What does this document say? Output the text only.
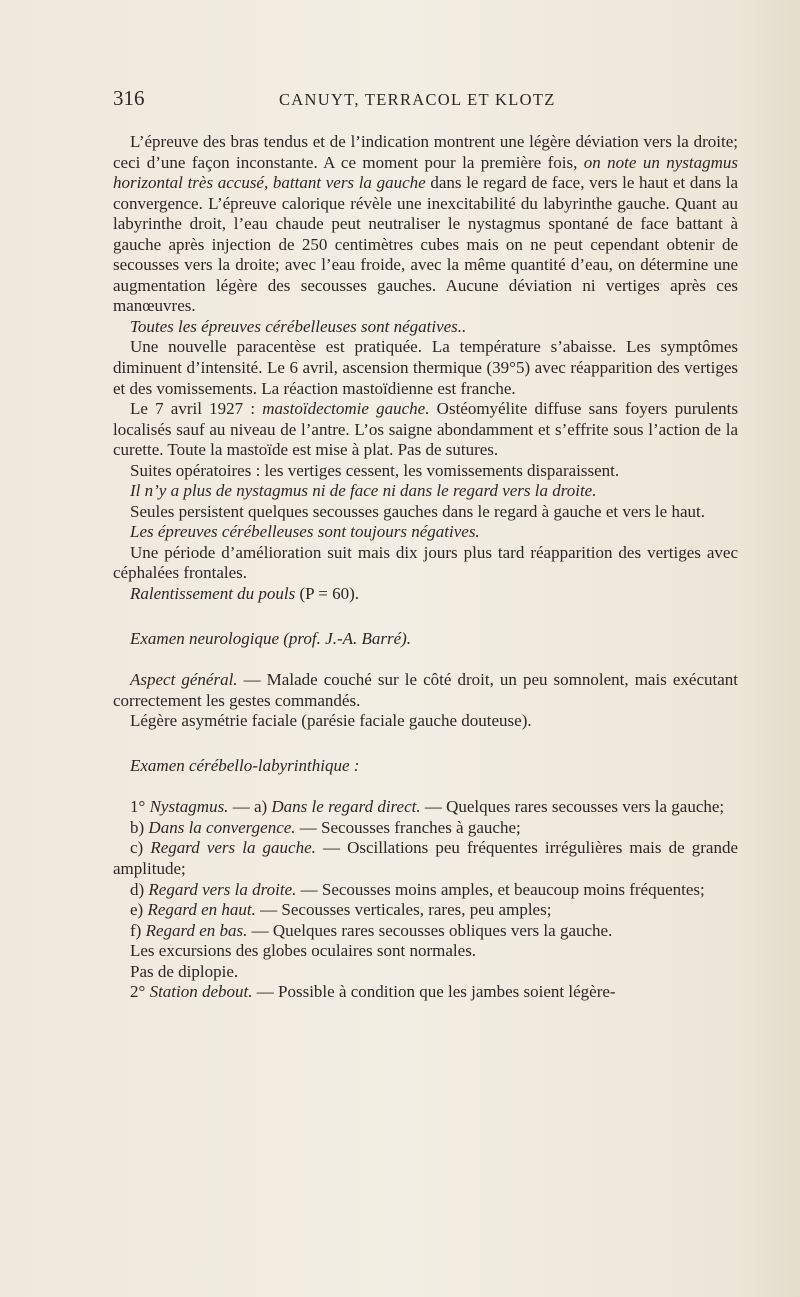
316	CANUYT, TERRACOL ET KLOTZ

L’épreuve des bras tendus et de l’indication montrent une légère déviation vers la droite; ceci d’une façon inconstante. A ce moment pour la première fois, on note un nystagmus horizontal très accusé, battant vers la gauche dans le regard de face, vers le haut et dans la convergence. L’épreuve calorique révèle une inexcitabilité du labyrinthe gauche. Quant au labyrinthe droit, l’eau chaude peut neutraliser le nystagmus spontané de face battant à gauche après injection de 250 centimètres cubes mais on ne peut cependant obtenir de secousses vers la droite; avec l’eau froide, avec la même quantité d’eau, on détermine une augmentation légère des secousses gauches. Aucune déviation ni vertiges après ces manœuvres.

Toutes les épreuves cérébelleuses sont négatives..

Une nouvelle paracentèse est pratiquée. La température s’abaisse. Les symptômes diminuent d’intensité. Le 6 avril, ascension thermique (39°5) avec réapparition des vertiges et des vomissements. La réaction mastoïdienne est franche.

Le 7 avril 1927 : mastoïdectomie gauche. Ostéomyélite diffuse sans foyers purulents localisés sauf au niveau de l’antre. L’os saigne abondamment et s’effrite sous l’action de la curette. Toute la mastoïde est mise à plat. Pas de sutures.

Suites opératoires : les vertiges cessent, les vomissements disparaissent.

Il n’y a plus de nystagmus ni de face ni dans le regard vers la droite.

Seules persistent quelques secousses gauches dans le regard à gauche et vers le haut.

Les épreuves cérébelleuses sont toujours négatives.

Une période d’amélioration suit mais dix jours plus tard réapparition des vertiges avec céphalées frontales.

Ralentissement du pouls (P = 60).

Examen neurologique (prof. J.-A. Barré).

Aspect général. — Malade couché sur le côté droit, un peu somnolent, mais exécutant correctement les gestes commandés.

Légère asymétrie faciale (parésie faciale gauche douteuse).

Examen cérébello-labyrinthique :

1° Nystagmus. — a) Dans le regard direct. — Quelques rares secousses vers la gauche;

b) Dans la convergence. — Secousses franches à gauche;

c) Regard vers la gauche. — Oscillations peu fréquentes irrégulières mais de grande amplitude;

d) Regard vers la droite. — Secousses moins amples, et beaucoup moins fréquentes;

e) Regard en haut. — Secousses verticales, rares, peu amples;

f) Regard en bas. — Quelques rares secousses obliques vers la gauche.

Les excursions des globes oculaires sont normales.

Pas de diplopie.

2° Station debout. — Possible à condition que les jambes soient légère-
